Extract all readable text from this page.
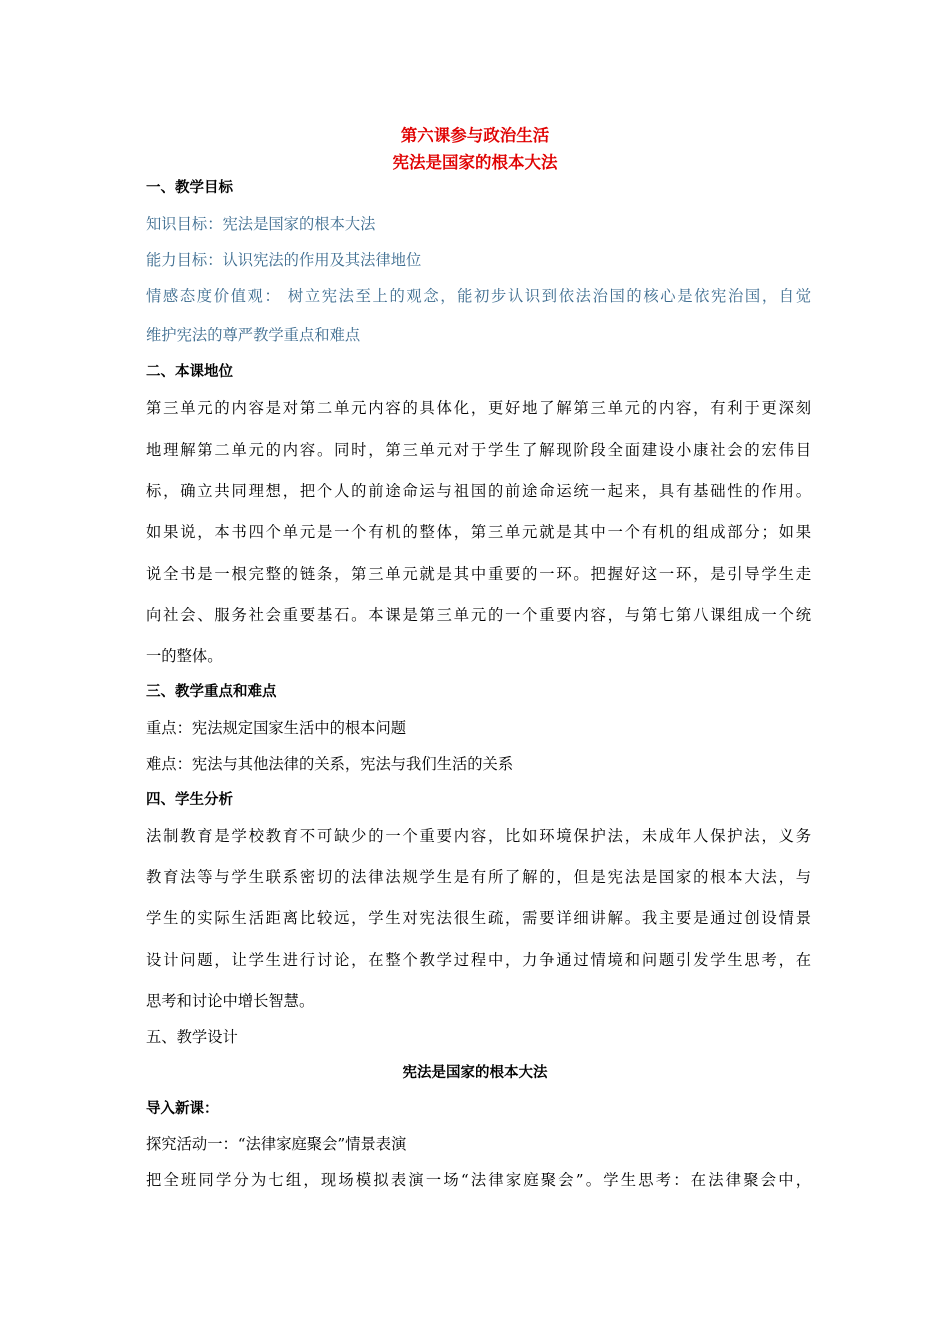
第六课参与政治生活
宪法是国家的根本大法
一、教学目标
知识目标：宪法是国家的根本大法
能力目标：认识宪法的作用及其法律地位
情感态度价值观： 树立宪法至上的观念，能初步认识到依法治国的核心是依宪治国，自觉
维护宪法的尊严教学重点和难点
二、本课地位
第三单元的内容是对第二单元内容的具体化，更好地了解第三单元的内容，有利于更深刻
地理解第二单元的内容。同时，第三单元对于学生了解现阶段全面建设小康社会的宏伟目
标，确立共同理想，把个人的前途命运与祖国的前途命运统一起来，具有基础性的作用。
如果说，本书四个单元是一个有机的整体，第三单元就是其中一个有机的组成部分；如果
说全书是一根完整的链条，第三单元就是其中重要的一环。把握好这一环，是引导学生走
向社会、服务社会重要基石。本课是第三单元的一个重要内容，与第七第八课组成一个统
一的整体。
三、教学重点和难点
重点：宪法规定国家生活中的根本问题
难点：宪法与其他法律的关系，宪法与我们生活的关系
四、学生分析
法制教育是学校教育不可缺少的一个重要内容，比如环境保护法，未成年人保护法，义务
教育法等与学生联系密切的法律法规学生是有所了解的，但是宪法是国家的根本大法，与
学生的实际生活距离比较远，学生对宪法很生疏，需要详细讲解。我主要是通过创设情景
设计问题，让学生进行讨论，在整个教学过程中，力争通过情境和问题引发学生思考，在
思考和讨论中增长智慧。
五、教学设计
宪法是国家的根本大法
导入新课：
探究活动一：“法律家庭聚会”情景表演
把全班同学分为七组，现场模拟表演一场“法律家庭聚会”。学生思考：在法律聚会中，
